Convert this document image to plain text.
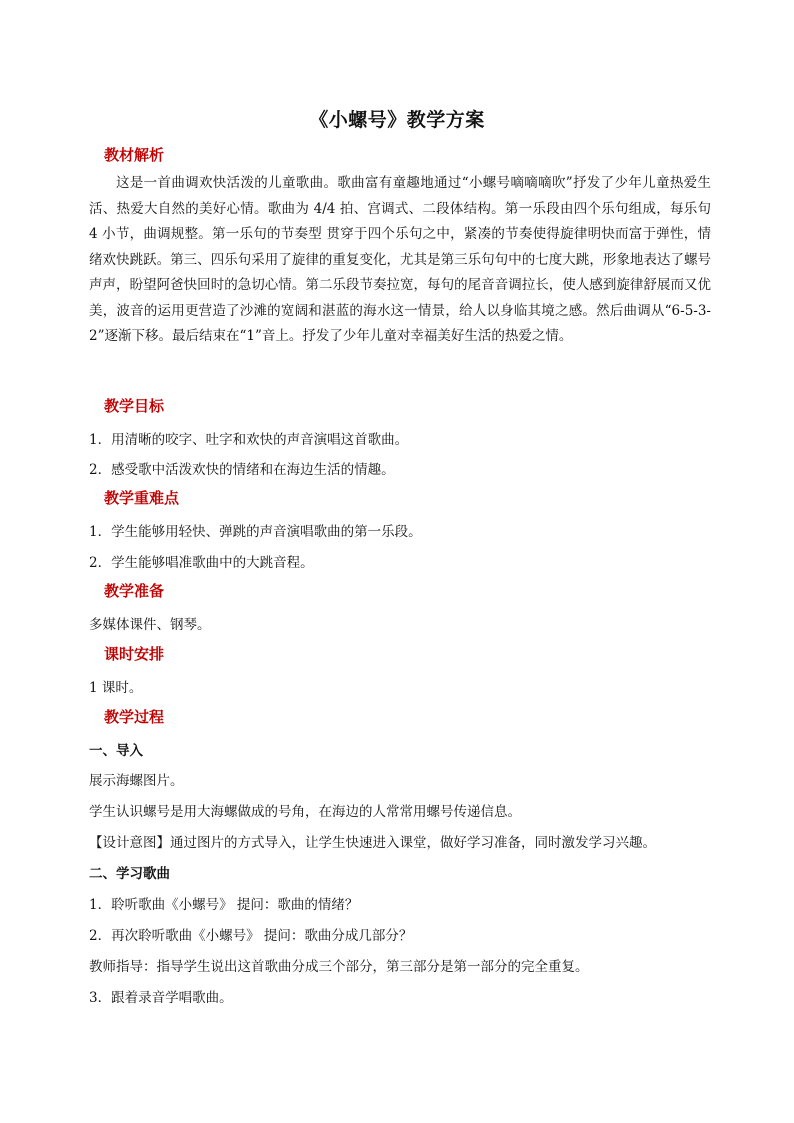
《小螺号》教学方案
教材解析
这是一首曲调欢快活泼的儿童歌曲。歌曲富有童趣地通过“小螺号嘀嘀嘀吹”抒发了少年儿童热爱生活、热爱大自然的美好心情。歌曲为 4/4 拍、宫调式、二段体结构。第一乐段由四个乐句组成，每乐句 4 小节，曲调规整。第一乐句的节奏型 贯穿于四个乐句之中，紧凑的节奏使得旋律明快而富于弹性，情绪欢快跳跃。第三、四乐句采用了旋律的重复变化，尤其是第三乐句句中的七度大跳，形象地表达了螺号声声，盼望阿爸快回时的急切心情。第二乐段节奏拉宽，每句的尾音音调拉长，使人感到旋律舒展而又优美，波音的运用更营造了沙滩的宽阔和湛蓝的海水这一情景，给人以身临其境之感。然后曲调从“6-5-3-2”逐渐下移。最后结束在“1”音上。抒发了少年儿童对幸福美好生活的热爱之情。
教学目标
1．用清晰的咬字、吐字和欢快的声音演唱这首歌曲。
2．感受歌中活泼欢快的情绪和在海边生活的情趣。
教学重难点
1．学生能够用轻快、弹跳的声音演唱歌曲的第一乐段。
2．学生能够唱准歌曲中的大跳音程。
教学准备
多媒体课件、钢琴。
课时安排
1 课时。
教学过程
一、导入
展示海螺图片。
学生认识螺号是用大海螺做成的号角，在海边的人常常用螺号传递信息。
【设计意图】通过图片的方式导入，让学生快速进入课堂，做好学习准备，同时激发学习兴趣。
二、学习歌曲
1．聆听歌曲《小螺号》 提问：歌曲的情绪？
2．再次聆听歌曲《小螺号》 提问：歌曲分成几部分？
教师指导：指导学生说出这首歌曲分成三个部分，第三部分是第一部分的完全重复。
3．跟着录音学唱歌曲。
